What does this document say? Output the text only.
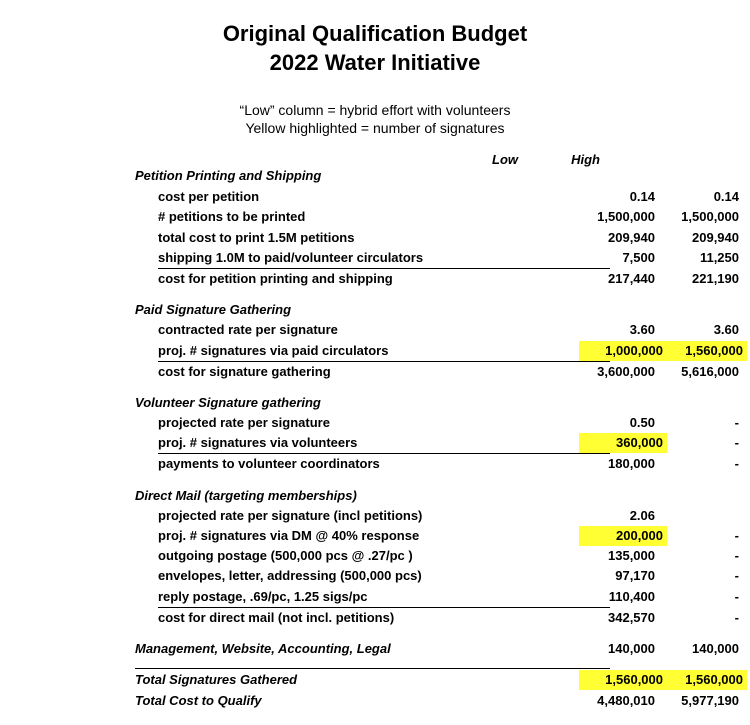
Original Qualification Budget
2022 Water Initiative
“Low” column = hybrid effort with volunteers
Yellow highlighted = number of signatures
Low	High
Petition Printing and Shipping
cost per petition	0.14	0.14
# petitions to be printed	1,500,000	1,500,000
total cost to print 1.5M petitions	209,940	209,940
shipping 1.0M to paid/volunteer circulators	7,500	11,250
cost for petition printing and shipping	217,440	221,190
Paid Signature Gathering
contracted rate per signature	3.60	3.60
proj. # signatures via paid circulators	1,000,000	1,560,000
cost for signature gathering	3,600,000	5,616,000
Volunteer Signature gathering
projected rate per signature	0.50	-
proj. # signatures via volunteers	360,000	-
payments to volunteer coordinators	180,000	-
Direct Mail (targeting memberships)
projected rate per signature (incl petitions)	2.06
proj. # signatures via DM @ 40% response	200,000	-
outgoing postage (500,000 pcs @ .27/pc )	135,000	-
envelopes, letter, addressing (500,000 pcs)	97,170	-
reply postage, .69/pc, 1.25 sigs/pc	110,400	-
cost for direct mail (not incl. petitions)	342,570	-
Management, Website, Accounting, Legal	140,000	140,000
Total Signatures Gathered	1,560,000	1,560,000
Total Cost to Qualify	4,480,010	5,977,190
